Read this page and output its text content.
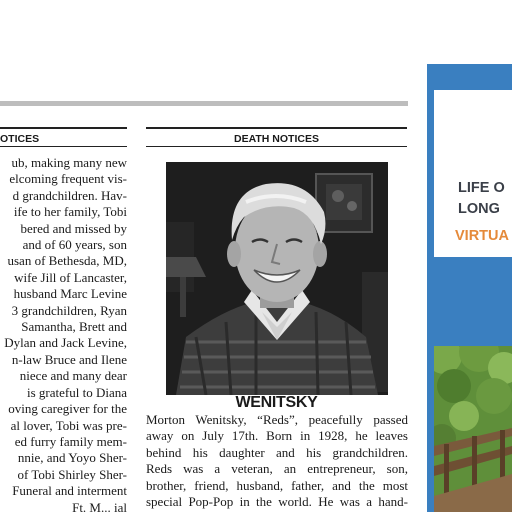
OTICES
ub, making many new
elcoming frequent vis-
d grandchildren. Hav-
ife to her family, Tobi
bered and missed by
and of 60 years, son
usan of Bethesda, MD,
wife Jill of Lancaster,
husband Marc Levine
3 grandchildren, Ryan
Samantha, Brett and
Dylan and Jack Levine,
n-law Bruce and Ilene
niece and many dear
is grateful to Diana
oving caregiver for the
al lover, Tobi was pre-
ed furry family mem-
nnie, and Yoyo Sher-
of Tobi Shirley Sher-
Funeral and interment
Ft. M... ial
DEATH NOTICES
WENITSKY
Morton Wenitsky, “Reds”, peacefully passed
away on July 17th. Born in 1928, he leaves
behind his daughter and his grandchildren.
Reds was a veteran, an entrepreneur, son,
brother, friend, husband, father, and the most
special Pop-Pop in the world. He was a hand-
LIFE O
LONG
VIRTUA
